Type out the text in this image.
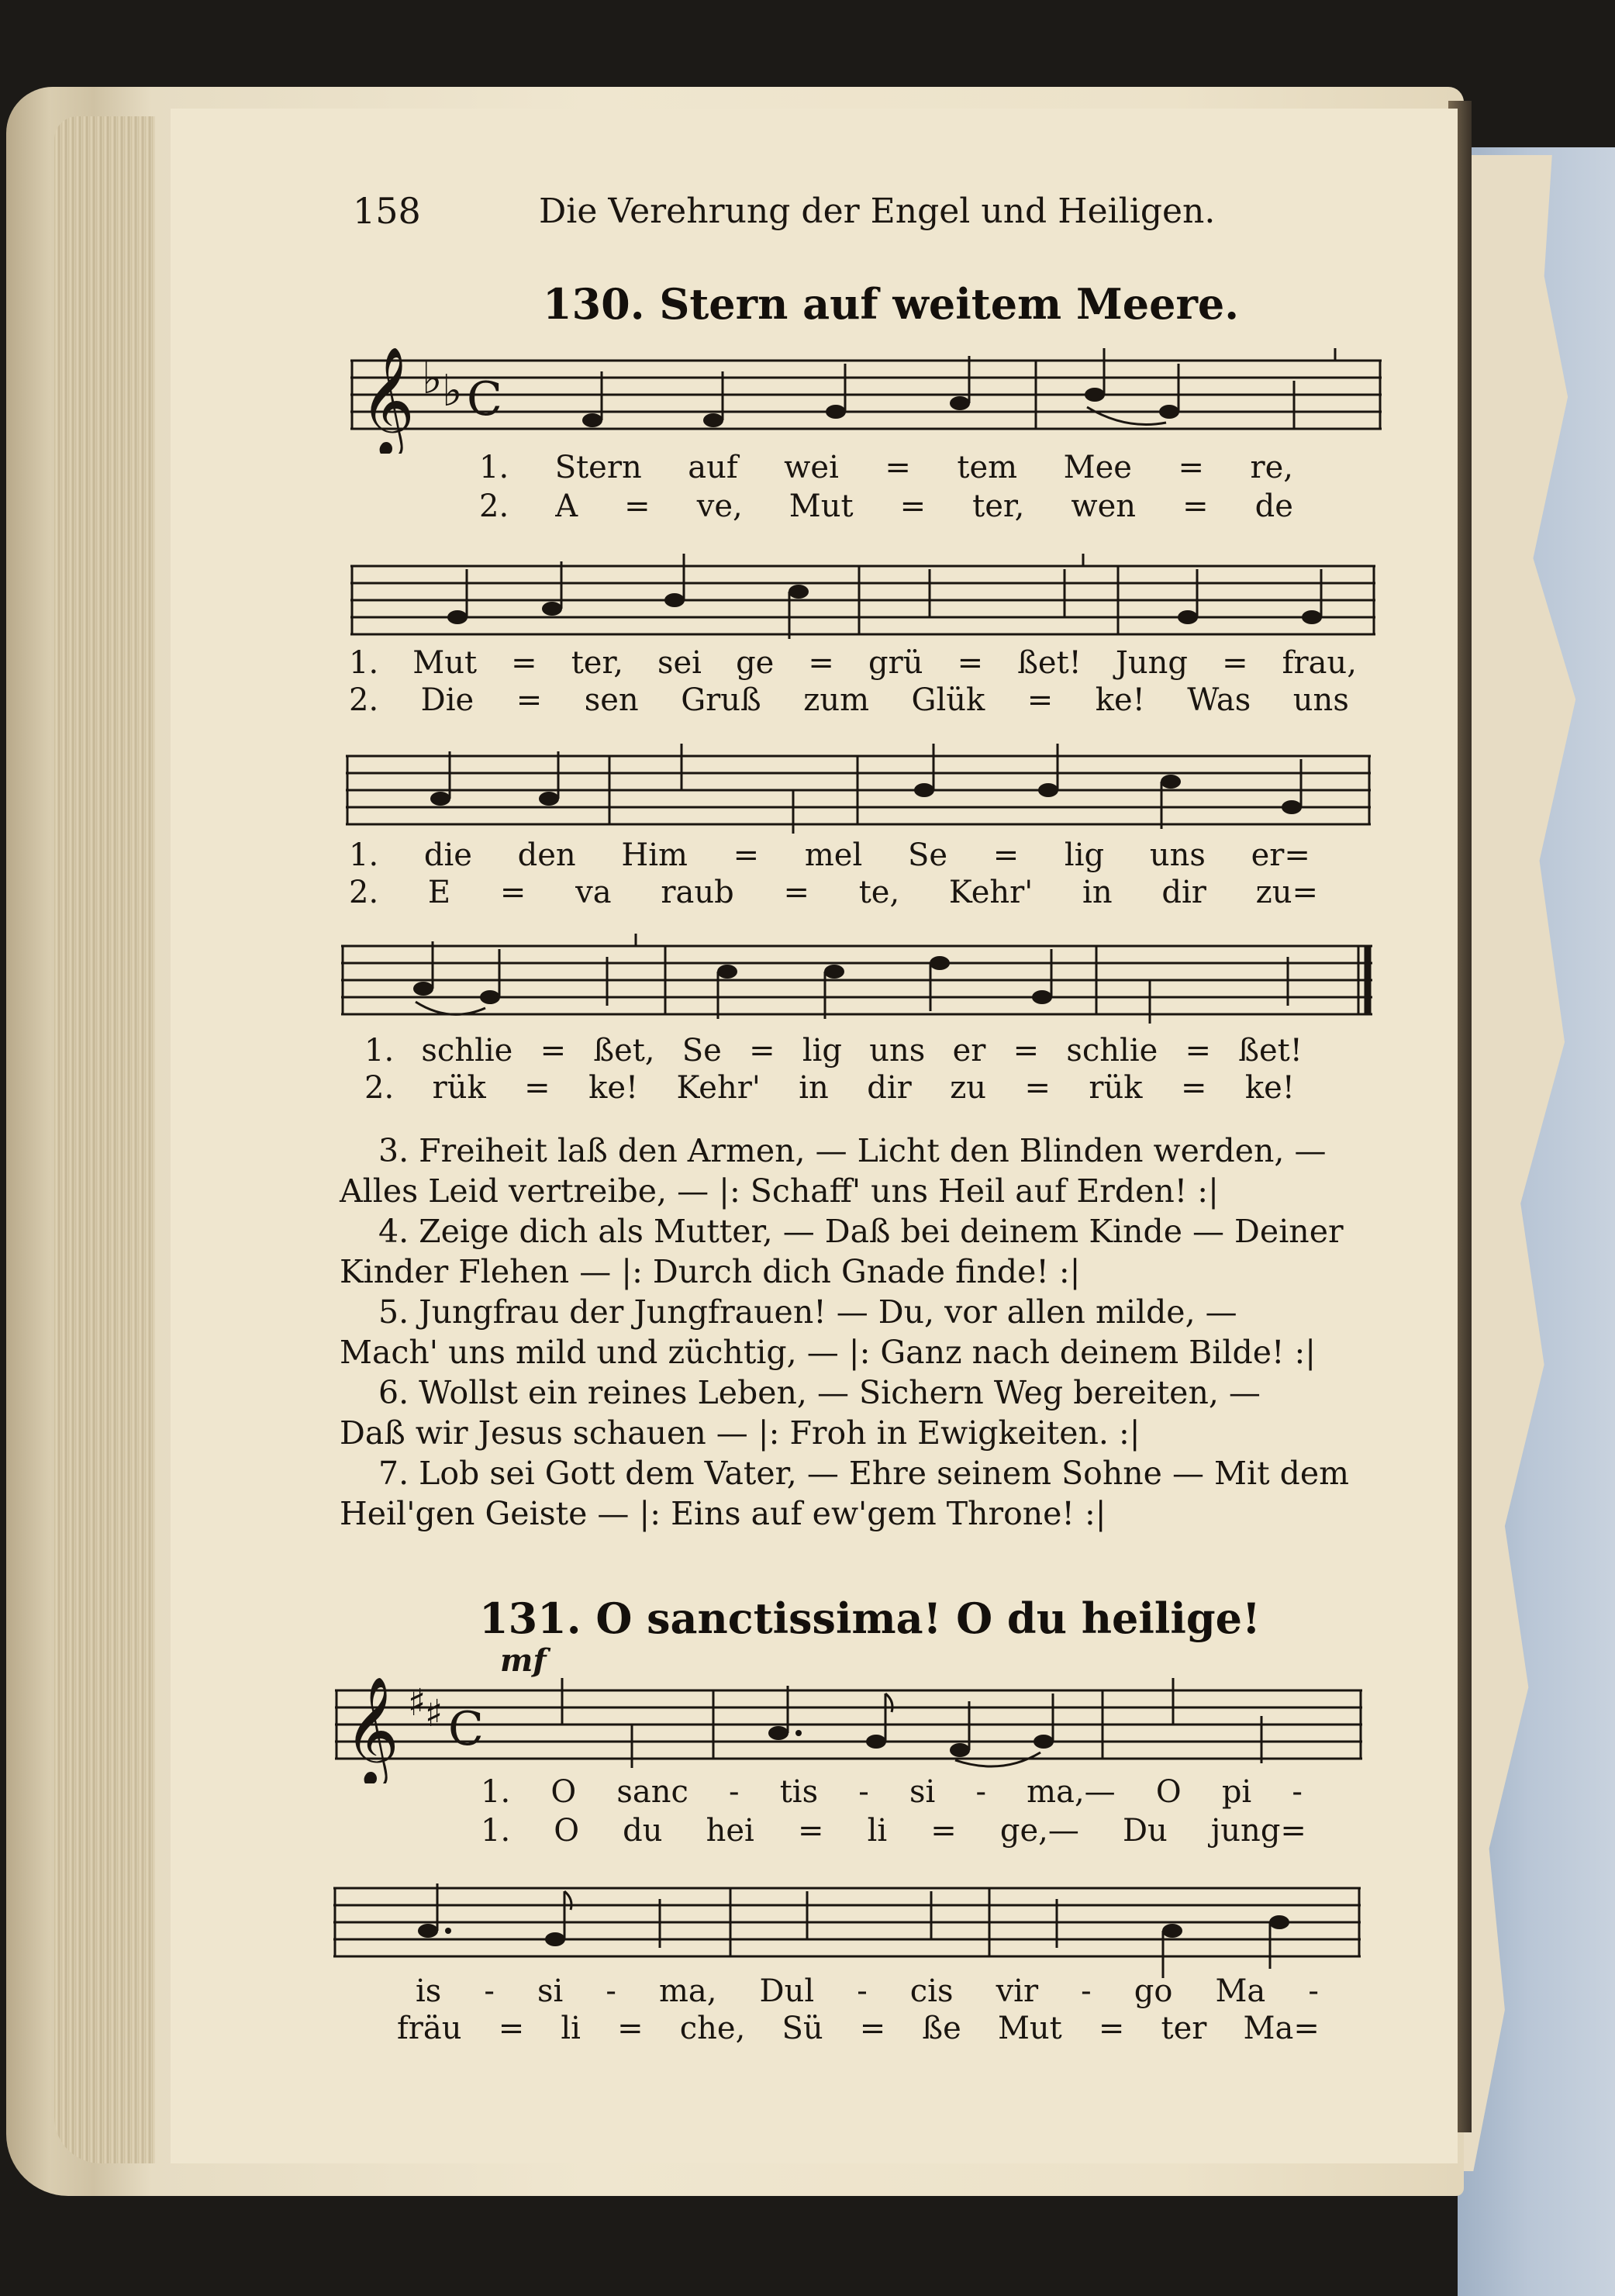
158	Die Verehrung der Engel und Heiligen.
130. Stern auf weitem Meere.
𝄞 ♭ ♭ C
1. Stern auf wei = tem Mee = re,
2. A = ve, Mut = ter, wen = de
1. Mut = ter, sei ge = grü = ßet! Jung = frau,
2. Die = sen Gruß zum Glük = ke! Was uns
1. die den Him = mel Se = lig uns er=
2. E = va raub = te, Kehr' in dir zu=
1. schlie = ßet, Se = lig uns er = schlie = ßet!
2. rük = ke! Kehr' in dir zu = rük = ke!
3. Freiheit laß den Armen, — Licht den Blinden werden, —
Alles Leid vertreibe, — |: Schaff' uns Heil auf Erden! :|
4. Zeige dich als Mutter, — Daß bei deinem Kinde — Deiner
Kinder Flehen — |: Durch dich Gnade finde! :|
5. Jungfrau der Jungfrauen! — Du, vor allen milde, —
Mach' uns mild und züchtig, — |: Ganz nach deinem Bilde! :|
6. Wollst ein reines Leben, — Sichern Weg bereiten, —
Daß wir Jesus schauen — |: Froh in Ewigkeiten. :|
7. Lob sei Gott dem Vater, — Ehre seinem Sohne — Mit dem
Heil'gen Geiste — |: Eins auf ew'gem Throne! :|
131. O sanctissima! O du heilige!
mf
𝄞 ♯
♯ C
1. O sanc - tis - si - ma,— O pi -
1. O du hei = li = ge,— Du jung=
is - si - ma, Dul - cis vir - go Ma -
fräu = li = che, Sü = ße Mut = ter Ma=
